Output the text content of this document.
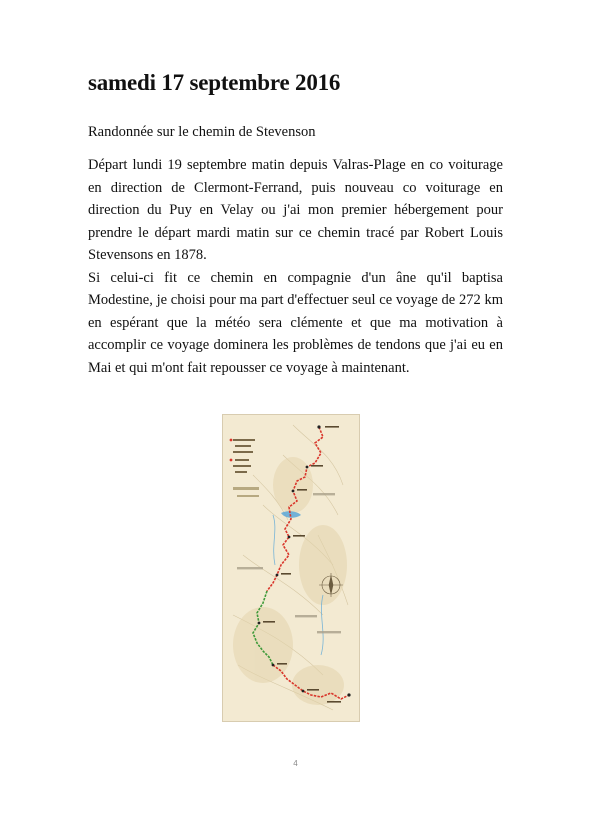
samedi 17 septembre 2016
Randonnée sur le chemin de Stevenson

Départ lundi 19 septembre matin depuis Valras-Plage en co voiturage en direction de Clermont-Ferrand, puis nouveau co voiturage en direction du Puy en Velay ou j'ai mon premier hébergement pour prendre le départ mardi matin sur ce chemin tracé par Robert Louis Stevensons en 1878.

Si celui-ci fit ce chemin en compagnie d'un âne qu'il baptisa Modestine, je choisi pour ma part d'effectuer seul ce voyage de 272 km en espérant que la météo sera clémente et que ma motivation à accomplir ce voyage dominera les problèmes de tendons que j'ai eu en Mai et qui m'ont fait repousser ce voyage à maintenant.

4
